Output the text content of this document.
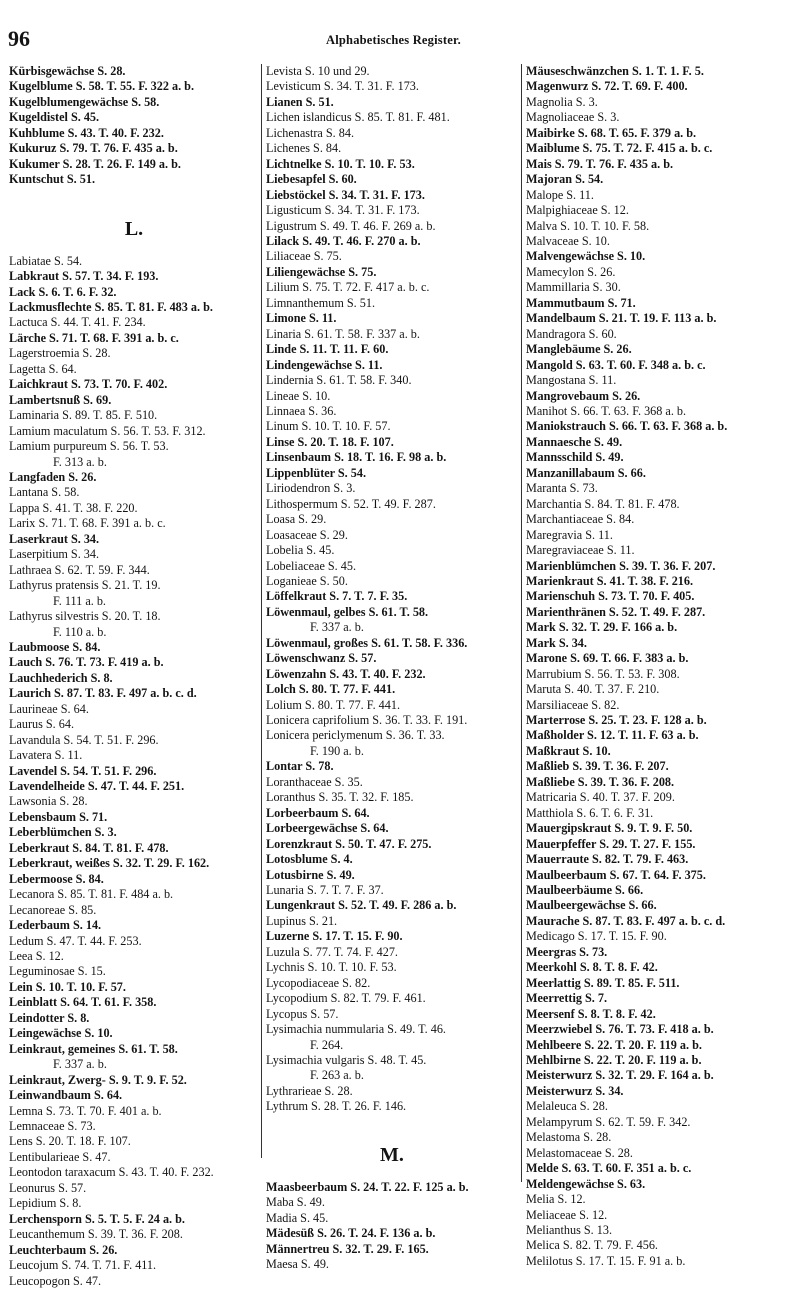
96	Alphabetisches Register.
Kürbisgewächse S. 28.
Kugelblume S. 58. T. 55. F. 322 a. b.
Kugelblumengewächse S. 58.
Kugeldistel S. 45.
Kuhblume S. 43. T. 40. F. 232.
Kukuruz S. 79. T. 76. F. 435 a. b.
Kukumer S. 28. T. 26. F. 149 a. b.
Kuntschut S. 51.
L.
Labiatae S. 54.
Labkraut S. 57. T. 34. F. 193.
Lack S. 6. T. 6. F. 32.
Lackmusflechte S. 85. T. 81. F. 483 a. b.
Lactuca S. 44. T. 41. F. 234.
Lärche S. 71. T. 68. F. 391 a. b. c.
Lagerstroemia S. 28.
Lagetta S. 64.
Laichkraut S. 73. T. 70. F. 402.
Lambertsnuß S. 69.
Laminaria S. 89. T. 85. F. 510.
Lamium maculatum S. 56. T. 53. F. 312.
Lamium purpureum S. 56. T. 53.
F. 313 a. b.
Langfaden S. 26.
Lantana S. 58.
Lappa S. 41. T. 38. F. 220.
Larix S. 71. T. 68. F. 391 a. b. c.
Laserkraut S. 34.
Laserpitium S. 34.
Lathraea S. 62. T. 59. F. 344.
Lathyrus pratensis S. 21. T. 19.
F. 111 a. b.
Lathyrus silvestris S. 20. T. 18.
F. 110 a. b.
Laubmoose S. 84.
Lauch S. 76. T. 73. F. 419 a. b.
Lauchhederich S. 8.
Laurich S. 87. T. 83. F. 497 a. b. c. d.
Laurineae S. 64.
Laurus S. 64.
Lavandula S. 54. T. 51. F. 296.
Lavatera S. 11.
Lavendel S. 54. T. 51. F. 296.
Lavendelheide S. 47. T. 44. F. 251.
Lawsonia S. 28.
Lebensbaum S. 71.
Leberblümchen S. 3.
Leberkraut S. 84. T. 81. F. 478.
Leberkraut, weißes S. 32. T. 29. F. 162.
Lebermoose S. 84.
Lecanora S. 85. T. 81. F. 484 a. b.
Lecanoreae S. 85.
Lederbaum S. 14.
Ledum S. 47. T. 44. F. 253.
Leea S. 12.
Leguminosae S. 15.
Lein S. 10. T. 10. F. 57.
Leinblatt S. 64. T. 61. F. 358.
Leindotter S. 8.
Leingewächse S. 10.
Leinkraut, gemeines S. 61. T. 58.
F. 337 a. b.
Leinkraut, Zwerg- S. 9. T. 9. F. 52.
Leinwandbaum S. 64.
Lemna S. 73. T. 70. F. 401 a. b.
Lemnaceae S. 73.
Lens S. 20. T. 18. F. 107.
Lentibularieae S. 47.
Leontodon taraxacum S. 43. T. 40. F. 232.
Leonurus S. 57.
Lepidium S. 8.
Lerchensporn S. 5. T. 5. F. 24 a. b.
Leucanthemum S. 39. T. 36. F. 208.
Leuchterbaum S. 26.
Leucojum S. 74. T. 71. F. 411.
Leucopogon S. 47.
Levista S. 10 und 29.
Levisticum S. 34. T. 31. F. 173.
Lianen S. 51.
Lichen islandicus S. 85. T. 81. F. 481.
Lichenastra S. 84.
Lichenes S. 84.
Lichtnelke S. 10. T. 10. F. 53.
Liebesapfel S. 60.
Liebstöckel S. 34. T. 31. F. 173.
Ligusticum S. 34. T. 31. F. 173.
Ligustrum S. 49. T. 46. F. 269 a. b.
Lilack S. 49. T. 46. F. 270 a. b.
Liliaceae S. 75.
Liliengewächse S. 75.
Lilium S. 75. T. 72. F. 417 a. b. c.
Limnanthemum S. 51.
Limone S. 11.
Linaria S. 61. T. 58. F. 337 a. b.
Linde S. 11. T. 11. F. 60.
Lindengewächse S. 11.
Lindernia S. 61. T. 58. F. 340.
Lineae S. 10.
Linnaea S. 36.
Linum S. 10. T. 10. F. 57.
Linse S. 20. T. 18. F. 107.
Linsenbaum S. 18. T. 16. F. 98 a. b.
Lippenblüter S. 54.
Liriodendron S. 3.
Lithospermum S. 52. T. 49. F. 287.
Loasa S. 29.
Loasaceae S. 29.
Lobelia S. 45.
Lobeliaceae S. 45.
Loganieae S. 50.
Löffelkraut S. 7. T. 7. F. 35.
Löwenmaul, gelbes S. 61. T. 58.
F. 337 a. b.
Löwenmaul, großes S. 61. T. 58. F. 336.
Löwenschwanz S. 57.
Löwenzahn S. 43. T. 40. F. 232.
Lolch S. 80. T. 77. F. 441.
Lolium S. 80. T. 77. F. 441.
Lonicera caprifolium S. 36. T. 33. F. 191.
Lonicera periclymenum S. 36. T. 33.
F. 190 a. b.
Lontar S. 78.
Loranthaceae S. 35.
Loranthus S. 35. T. 32. F. 185.
Lorbeerbaum S. 64.
Lorbeergewächse S. 64.
Lorenzkraut S. 50. T. 47. F. 275.
Lotosblume S. 4.
Lotusbirne S. 49.
Lunaria S. 7. T. 7. F. 37.
Lungenkraut S. 52. T. 49. F. 286 a. b.
Lupinus S. 21.
Luzerne S. 17. T. 15. F. 90.
Luzula S. 77. T. 74. F. 427.
Lychnis S. 10. T. 10. F. 53.
Lycopodiaceae S. 82.
Lycopodium S. 82. T. 79. F. 461.
Lycopus S. 57.
Lysimachia nummularia S. 49. T. 46.
F. 264.
Lysimachia vulgaris S. 48. T. 45.
F. 263 a. b.
Lythrarieae S. 28.
Lythrum S. 28. T. 26. F. 146.
M.
Maasbeerbaum S. 24. T. 22. F. 125 a. b.
Maba S. 49.
Madia S. 45.
Mädesüß S. 26. T. 24. F. 136 a. b.
Männertreu S. 32. T. 29. F. 165.
Maesa S. 49.
Mäuseschwänzchen S. 1. T. 1. F. 5.
Magenwurz S. 72. T. 69. F. 400.
Magnolia S. 3.
Magnoliaceae S. 3.
Maibirke S. 68. T. 65. F. 379 a. b.
Maiblume S. 75. T. 72. F. 415 a. b. c.
Mais S. 79. T. 76. F. 435 a. b.
Majoran S. 54.
Malope S. 11.
Malpighiaceae S. 12.
Malva S. 10. T. 10. F. 58.
Malvaceae S. 10.
Malvengewächse S. 10.
Mamecylon S. 26.
Mammillaria S. 30.
Mammutbaum S. 71.
Mandelbaum S. 21. T. 19. F. 113 a. b.
Mandragora S. 60.
Manglebäume S. 26.
Mangold S. 63. T. 60. F. 348 a. b. c.
Mangostana S. 11.
Mangrovebaum S. 26.
Manihot S. 66. T. 63. F. 368 a. b.
Maniokstrauch S. 66. T. 63. F. 368 a. b.
Mannaesche S. 49.
Mannsschild S. 49.
Manzanillabaum S. 66.
Maranta S. 73.
Marchantia S. 84. T. 81. F. 478.
Marchantiaceae S. 84.
Maregravia S. 11.
Maregraviaceae S. 11.
Marienblümchen S. 39. T. 36. F. 207.
Marienkraut S. 41. T. 38. F. 216.
Marienschuh S. 73. T. 70. F. 405.
Marienthränen S. 52. T. 49. F. 287.
Mark S. 32. T. 29. F. 166 a. b.
Mark S. 34.
Marone S. 69. T. 66. F. 383 a. b.
Marrubium S. 56. T. 53. F. 308.
Maruta S. 40. T. 37. F. 210.
Marsiliaceae S. 82.
Marterrose S. 25. T. 23. F. 128 a. b.
Maßholder S. 12. T. 11. F. 63 a. b.
Maßkraut S. 10.
Maßlieb S. 39. T. 36. F. 207.
Maßliebe S. 39. T. 36. F. 208.
Matricaria S. 40. T. 37. F. 209.
Matthiola S. 6. T. 6. F. 31.
Mauergipskraut S. 9. T. 9. F. 50.
Mauerpfeffer S. 29. T. 27. F. 155.
Mauerraute S. 82. T. 79. F. 463.
Maulbeerbaum S. 67. T. 64. F. 375.
Maulbeerbäume S. 66.
Maulbeergewächse S. 66.
Maurache S. 87. T. 83. F. 497 a. b. c. d.
Medicago S. 17. T. 15. F. 90.
Meergras S. 73.
Meerkohl S. 8. T. 8. F. 42.
Meerlattig S. 89. T. 85. F. 511.
Meerrettig S. 7.
Meersenf S. 8. T. 8. F. 42.
Meerzwiebel S. 76. T. 73. F. 418 a. b.
Mehlbeere S. 22. T. 20. F. 119 a. b.
Mehlbirne S. 22. T. 20. F. 119 a. b.
Meisterwurz S. 32. T. 29. F. 164 a. b.
Meisterwurz S. 34.
Melaleuca S. 28.
Melampyrum S. 62. T. 59. F. 342.
Melastoma S. 28.
Melastomaceae S. 28.
Melde S. 63. T. 60. F. 351 a. b. c.
Meldengewächse S. 63.
Melia S. 12.
Meliaceae S. 12.
Melianthus S. 13.
Melica S. 82. T. 79. F. 456.
Melilotus S. 17. T. 15. F. 91 a. b.
